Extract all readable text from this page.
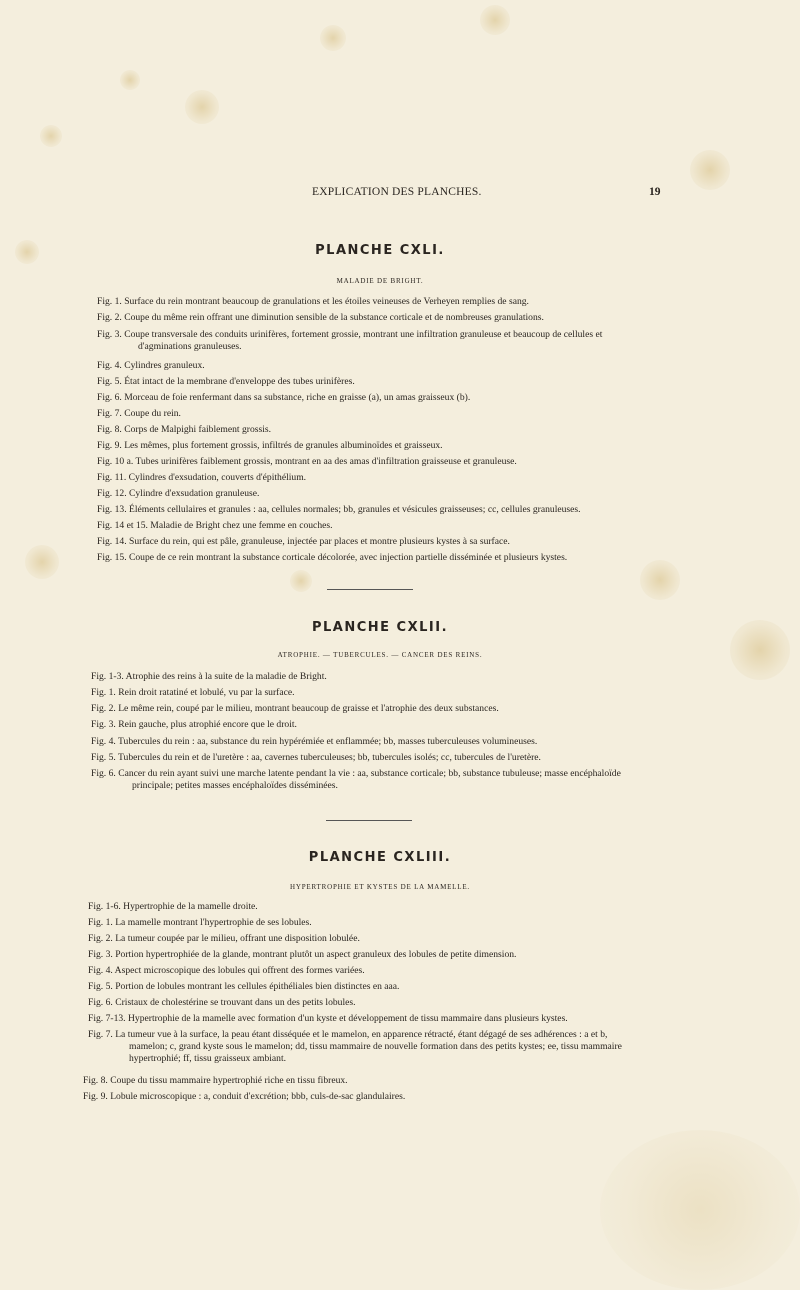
EXPLICATION DES PLANCHES.	19
PLANCHE CXLI.
MALADIE DE BRIGHT.
Fig. 1. Surface du rein montrant beaucoup de granulations et les étoiles veineuses de Verheyen remplies de sang.
Fig. 2. Coupe du même rein offrant une diminution sensible de la substance corticale et de nombreuses granulations.
Fig. 3. Coupe transversale des conduits urinifères, fortement grossie, montrant une infiltration granuleuse et beaucoup de cellules et
d'agminations granuleuses.
Fig. 4. Cylindres granuleux.
Fig. 5. État intact de la membrane d'enveloppe des tubes urinifères.
Fig. 6. Morceau de foie renfermant dans sa substance, riche en graisse (a), un amas graisseux (b).
Fig. 7. Coupe du rein.
Fig. 8. Corps de Malpighi faiblement grossis.
Fig. 9. Les mêmes, plus fortement grossis, infiltrés de granules albuminoïdes et graisseux.
Fig. 10 a. Tubes urinifères faiblement grossis, montrant en aa des amas d'infiltration graisseuse et granuleuse.
Fig. 11. Cylindres d'exsudation, couverts d'épithélium.
Fig. 12. Cylindre d'exsudation granuleuse.
Fig. 13. Éléments cellulaires et granules : aa, cellules normales; bb, granules et vésicules graisseuses; cc, cellules granuleuses.
Fig. 14 et 15. Maladie de Bright chez une femme en couches.
Fig. 14. Surface du rein, qui est pâle, granuleuse, injectée par places et montre plusieurs kystes à sa surface.
Fig. 15. Coupe de ce rein montrant la substance corticale décolorée, avec injection partielle disséminée et plusieurs kystes.
PLANCHE CXLII.
ATROPHIE. — TUBERCULES. — CANCER DES REINS.
Fig. 1-3. Atrophie des reins à la suite de la maladie de Bright.
Fig. 1. Rein droit ratatiné et lobulé, vu par la surface.
Fig. 2. Le même rein, coupé par le milieu, montrant beaucoup de graisse et l'atrophie des deux substances.
Fig. 3. Rein gauche, plus atrophié encore que le droit.
Fig. 4. Tubercules du rein : aa, substance du rein hypérémiée et enflammée; bb, masses tuberculeuses volumineuses.
Fig. 5. Tubercules du rein et de l'uretère : aa, cavernes tuberculeuses; bb, tubercules isolés; cc, tubercules de l'uretère.
Fig. 6. Cancer du rein ayant suivi une marche latente pendant la vie : aa, substance corticale; bb, substance tubuleuse; masse encéphaloïde
principale; petites masses encéphaloïdes disséminées.
PLANCHE CXLIII.
HYPERTROPHIE ET KYSTES DE LA MAMELLE.
Fig. 1-6. Hypertrophie de la mamelle droite.
Fig. 1. La mamelle montrant l'hypertrophie de ses lobules.
Fig. 2. La tumeur coupée par le milieu, offrant une disposition lobulée.
Fig. 3. Portion hypertrophiée de la glande, montrant plutôt un aspect granuleux des lobules de petite dimension.
Fig. 4. Aspect microscopique des lobules qui offrent des formes variées.
Fig. 5. Portion de lobules montrant les cellules épithéliales bien distinctes en aaa.
Fig. 6. Cristaux de cholestérine se trouvant dans un des petits lobules.
Fig. 7-13. Hypertrophie de la mamelle avec formation d'un kyste et développement de tissu mammaire dans plusieurs kystes.
Fig. 7. La tumeur vue à la surface, la peau étant disséquée et le mamelon, en apparence rétracté, étant dégagé de ses adhérences : a et b,
mamelon; c, grand kyste sous le mamelon; dd, tissu mammaire de nouvelle formation dans des petits kystes; ee, tissu mammaire
hypertrophié; ff, tissu graisseux ambiant.
Fig. 8. Coupe du tissu mammaire hypertrophié riche en tissu fibreux.
Fig. 9. Lobule microscopique : a, conduit d'excrétion; bbb, culs-de-sac glandulaires.
